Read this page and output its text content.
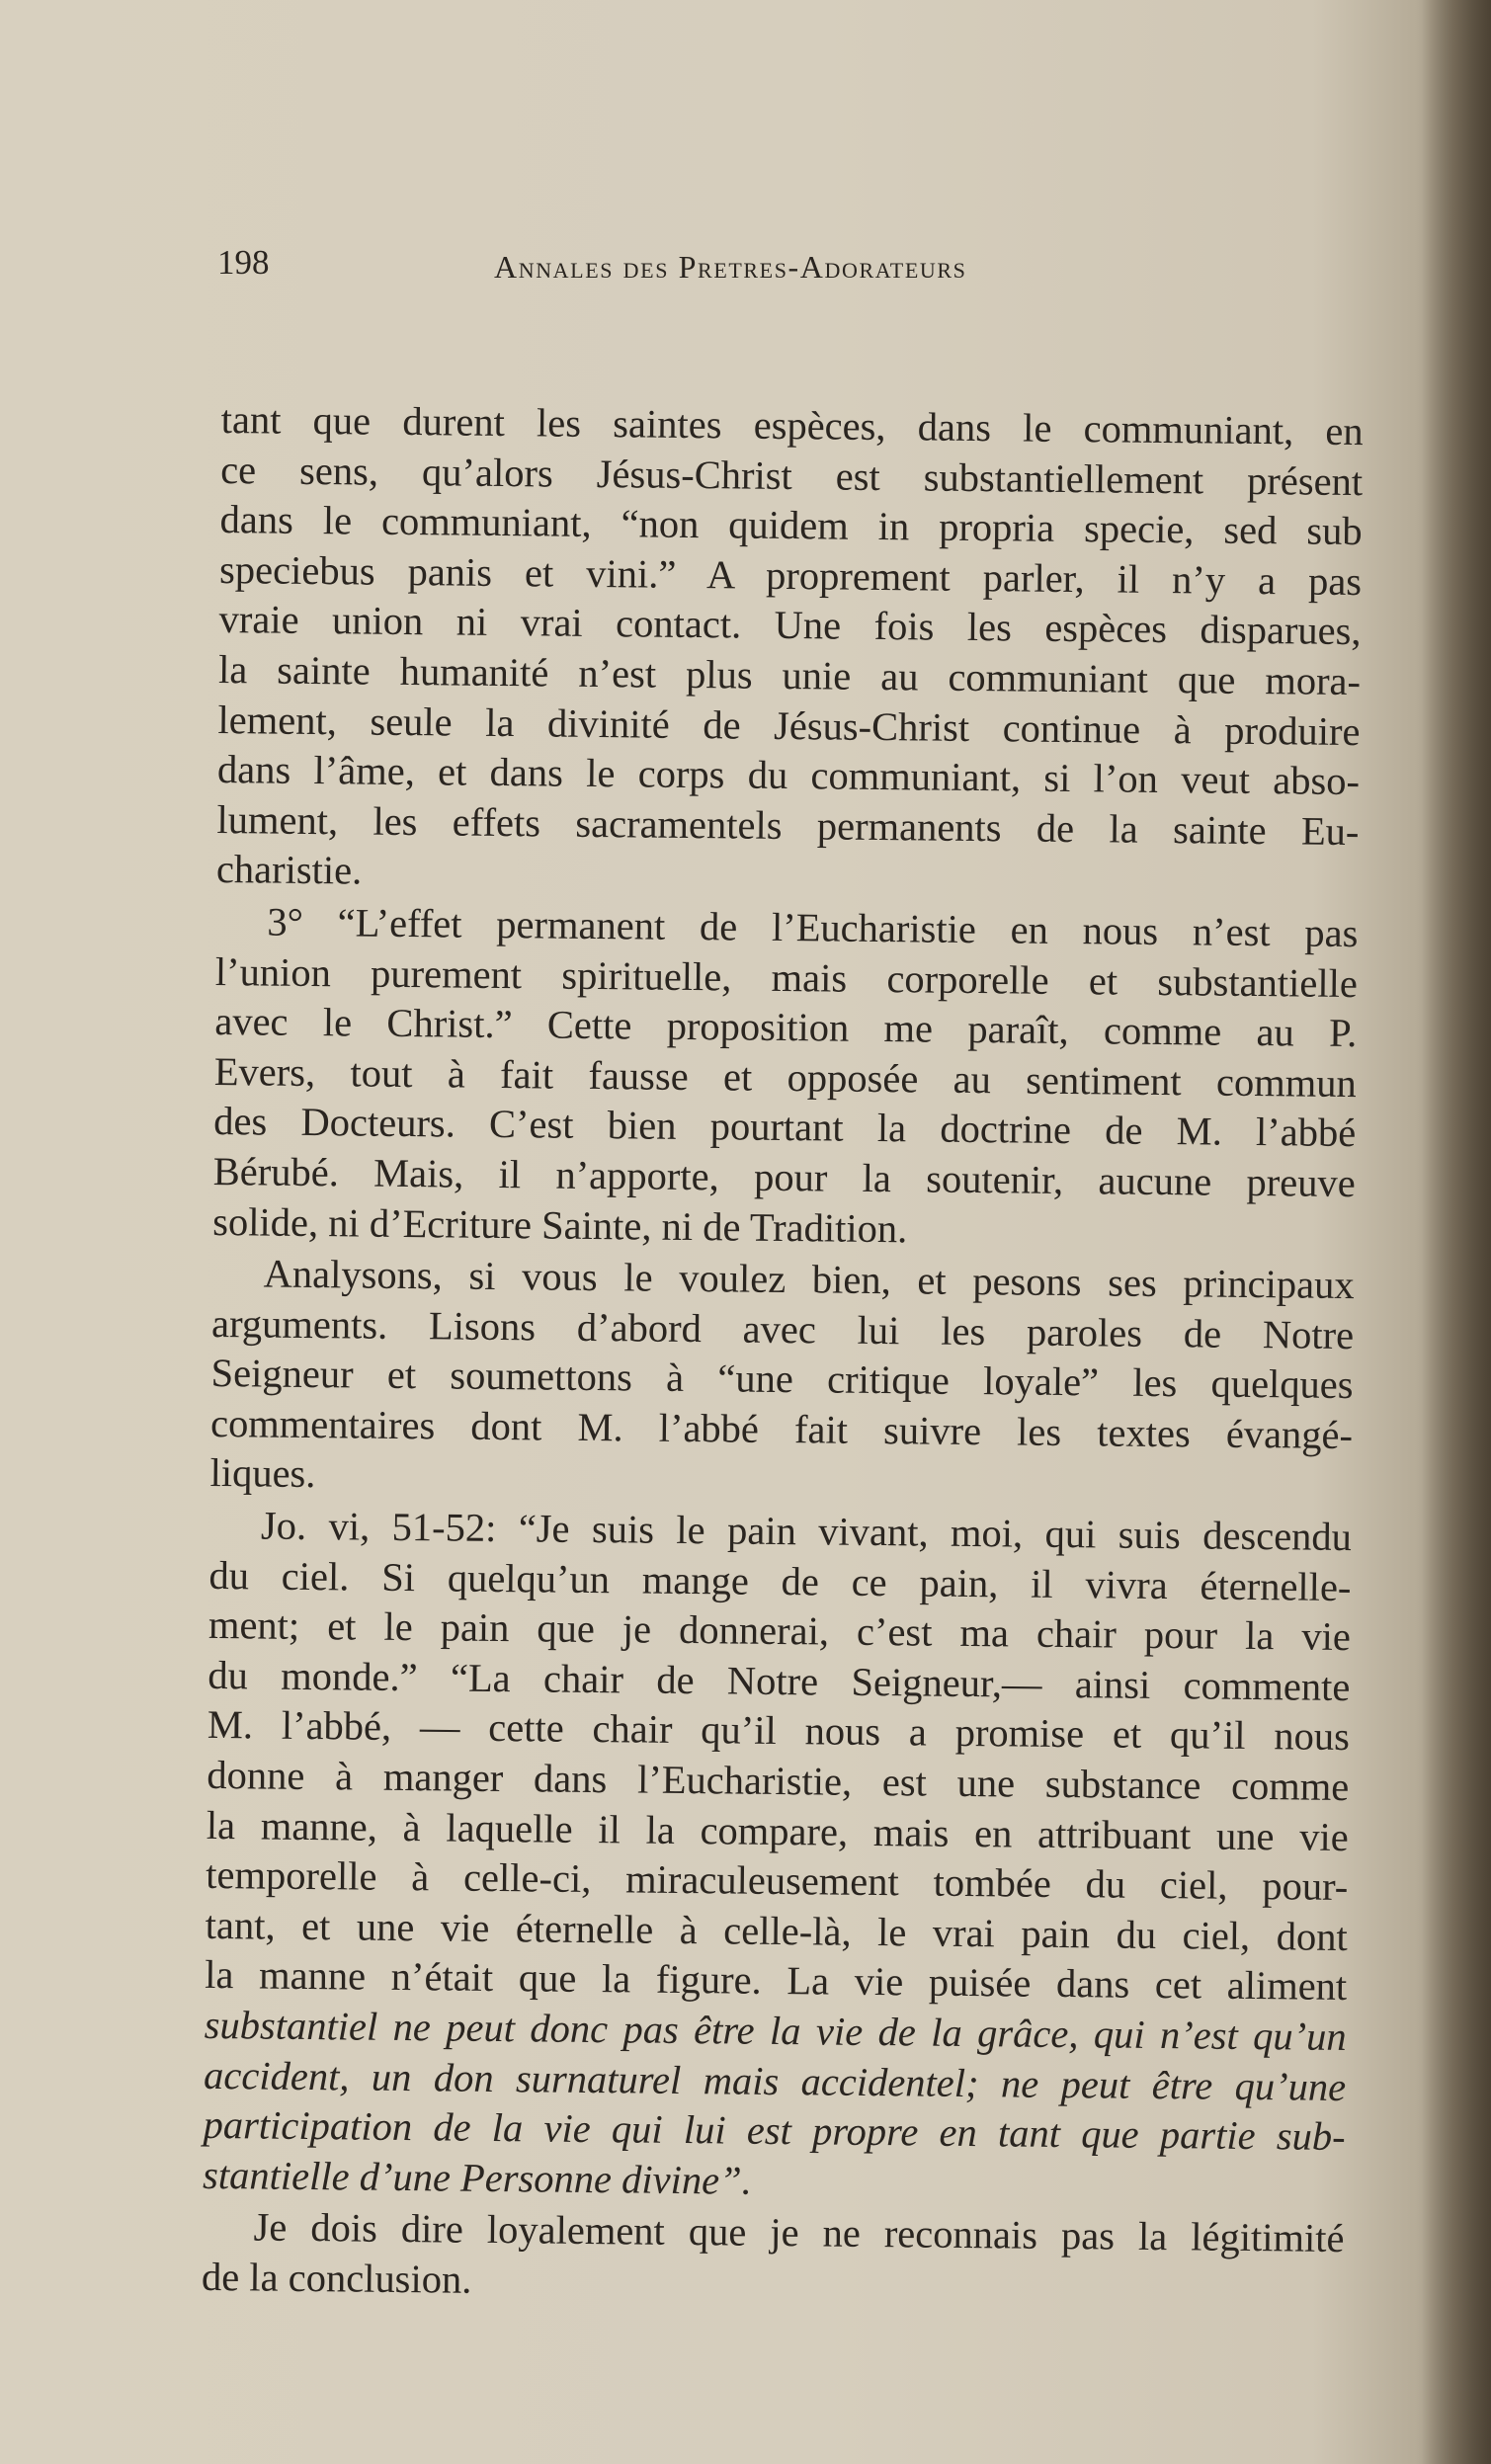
198	Annales des Pretres-Adorateurs

tant que durent les saintes espèces, dans le communiant, en
ce sens, qu’alors Jésus-Christ est substantiellement présent
dans le communiant, “non quidem in propria specie, sed sub
speciebus panis et vini.” A proprement parler, il n’y a pas
vraie union ni vrai contact. Une fois les espèces disparues,
la sainte humanité n’est plus unie au communiant que mora-
lement, seule la divinité de Jésus-Christ continue à produire
dans l’âme, et dans le corps du communiant, si l’on veut abso-
lument, les effets sacramentels permanents de la sainte Eu-
charistie.

3° “L’effet permanent de l’Eucharistie en nous n’est pas
l’union purement spirituelle, mais corporelle et substantielle
avec le Christ.” Cette proposition me paraît, comme au P.
Evers, tout à fait fausse et opposée au sentiment commun
des Docteurs. C’est bien pourtant la doctrine de M. l’abbé
Bérubé. Mais, il n’apporte, pour la soutenir, aucune preuve
solide, ni d’Ecriture Sainte, ni de Tradition.

Analysons, si vous le voulez bien, et pesons ses principaux
arguments. Lisons d’abord avec lui les paroles de Notre
Seigneur et soumettons à “une critique loyale” les quelques
commentaires dont M. l’abbé fait suivre les textes évangé-
liques.

Jo. vi, 51-52: “Je suis le pain vivant, moi, qui suis descendu
du ciel. Si quelqu’un mange de ce pain, il vivra éternelle-
ment; et le pain que je donnerai, c’est ma chair pour la vie
du monde.” “La chair de Notre Seigneur,— ainsi commente
M. l’abbé, — cette chair qu’il nous a promise et qu’il nous
donne à manger dans l’Eucharistie, est une substance comme
la manne, à laquelle il la compare, mais en attribuant une vie
temporelle à celle-ci, miraculeusement tombée du ciel, pour-
tant, et une vie éternelle à celle-là, le vrai pain du ciel, dont
la manne n’était que la figure. La vie puisée dans cet aliment
substantiel ne peut donc pas être la vie de la grâce, qui n’est qu’un
accident, un don surnaturel mais accidentel; ne peut être qu’une
participation de la vie qui lui est propre en tant que partie sub-
stantielle d’une Personne divine”.

Je dois dire loyalement que je ne reconnais pas la légitimité
de la conclusion.
